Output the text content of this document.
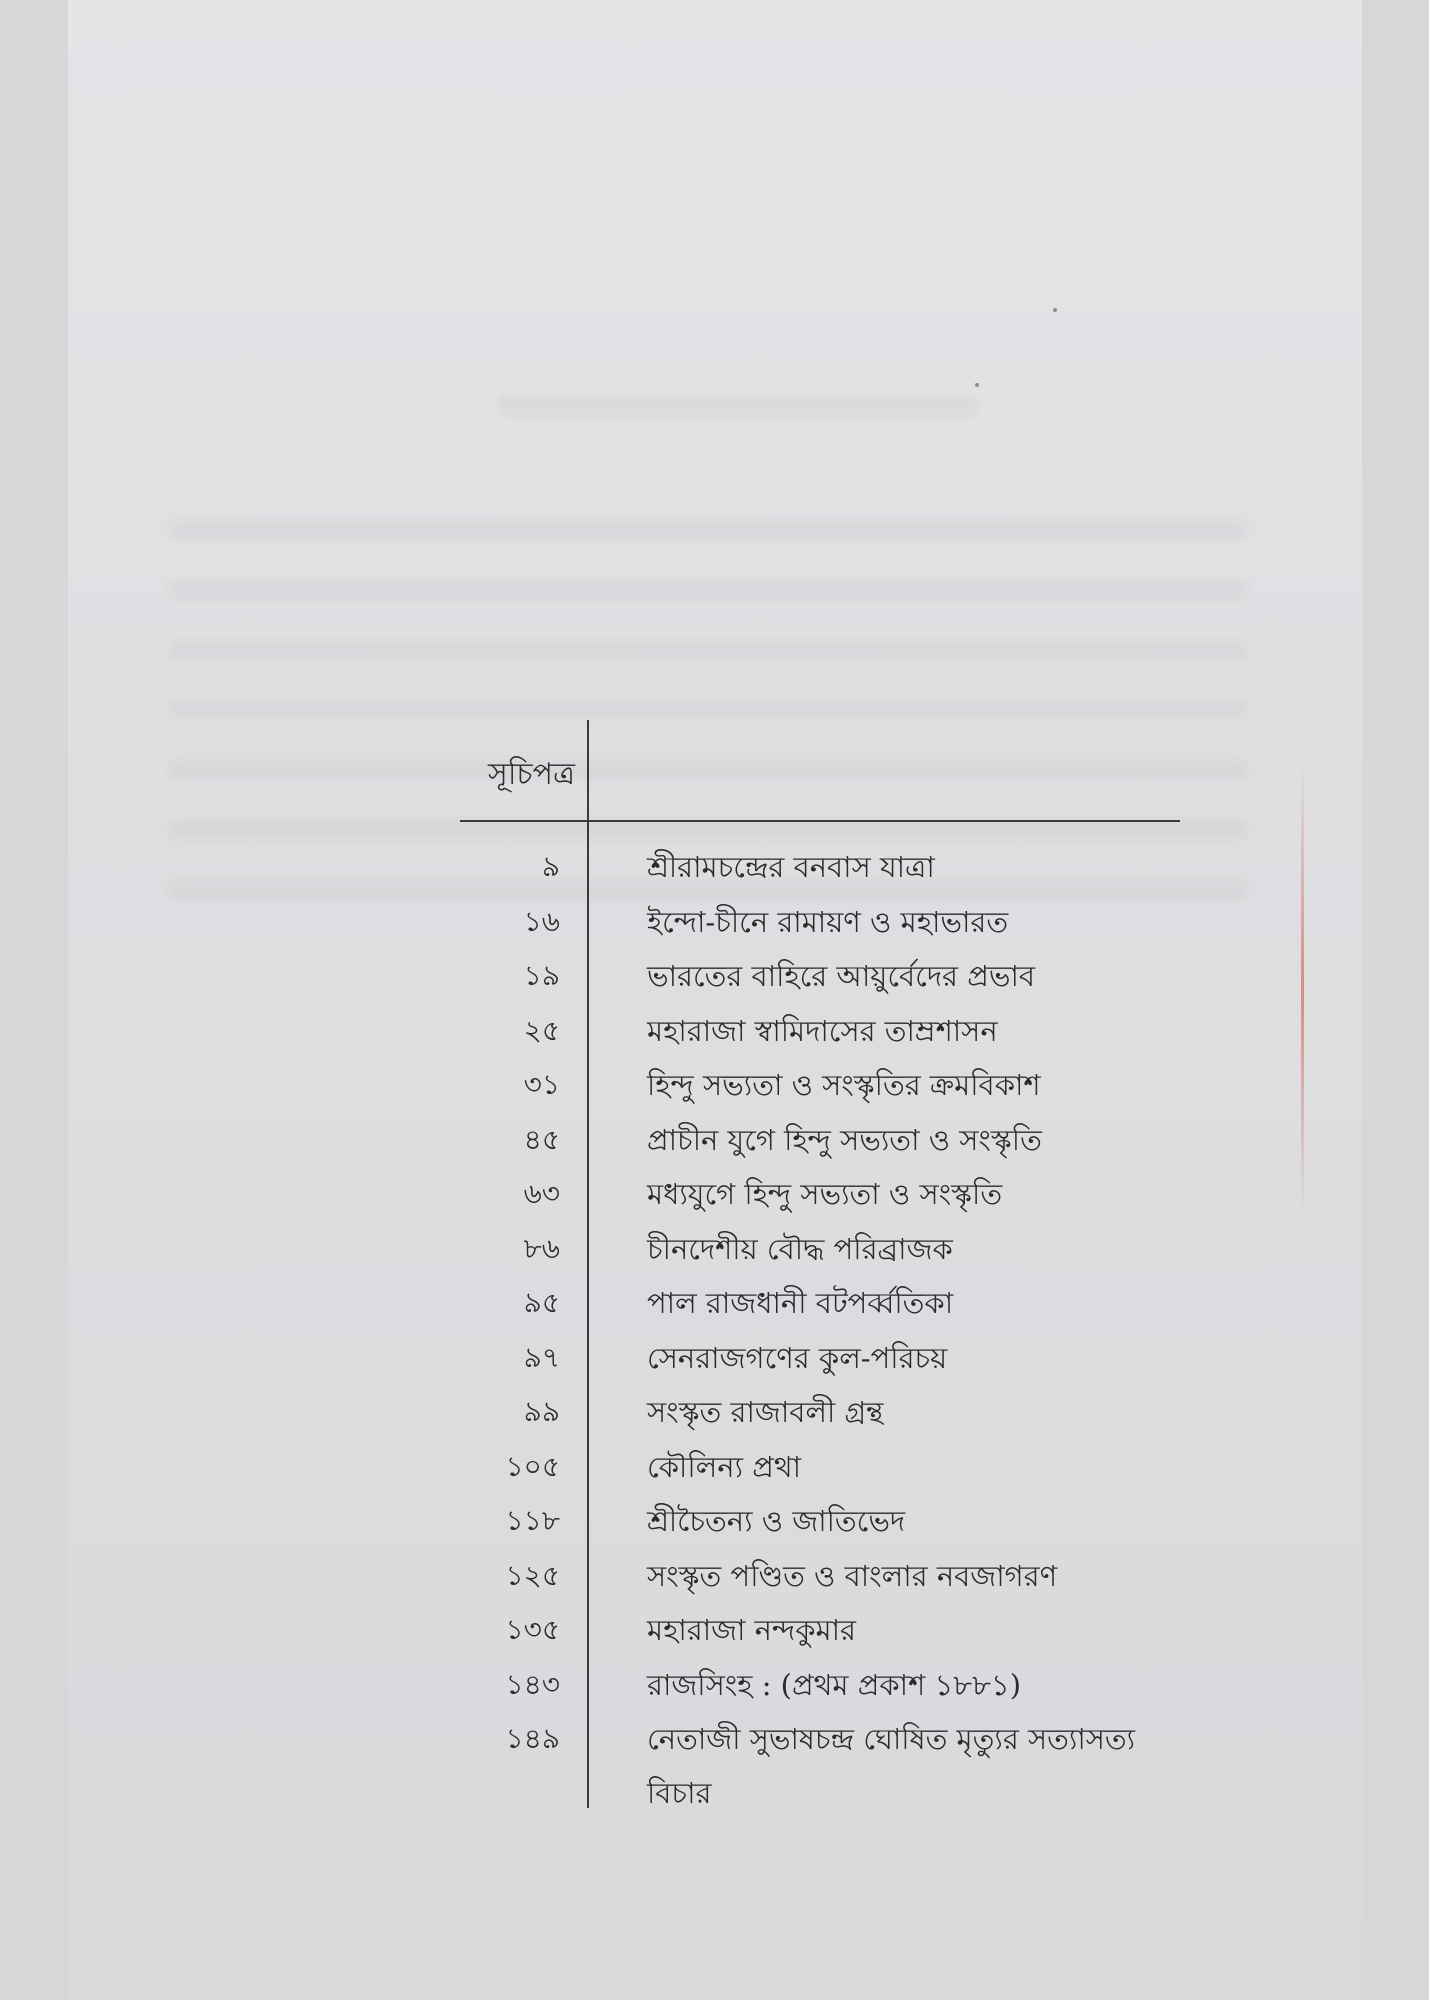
সূচিপত্র
৯	শ্রীরামচন্দ্রের বনবাস যাত্রা
১৬	ইন্দো-চীনে রামায়ণ ও মহাভারত
১৯	ভারতের বাহিরে আয়ুর্বেদের প্রভাব
২৫	মহারাজা স্বামিদাসের তাম্রশাসন
৩১	হিন্দু সভ্যতা ও সংস্কৃতির ক্রমবিকাশ
৪৫	প্রাচীন যুগে হিন্দু সভ্যতা ও সংস্কৃতি
৬৩	মধ্যযুগে হিন্দু সভ্যতা ও সংস্কৃতি
৮৬	চীনদেশীয় বৌদ্ধ পরিব্রাজক
৯৫	পাল রাজধানী বটপর্ব্বতিকা
৯৭	সেনরাজগণের কুল-পরিচয়
৯৯	সংস্কৃত রাজাবলী গ্রন্থ
১০৫	কৌলিন্য প্রথা
১১৮	শ্রীচৈতন্য ও জাতিভেদ
১২৫	সংস্কৃত পণ্ডিত ও বাংলার নবজাগরণ
১৩৫	মহারাজা নন্দকুমার
১৪৩	রাজসিংহ : (প্রথম প্রকাশ ১৮৮১)
১৪৯	নেতাজী সুভাষচন্দ্র ঘোষিত মৃত্যুর সত্যাসত্য বিচার
